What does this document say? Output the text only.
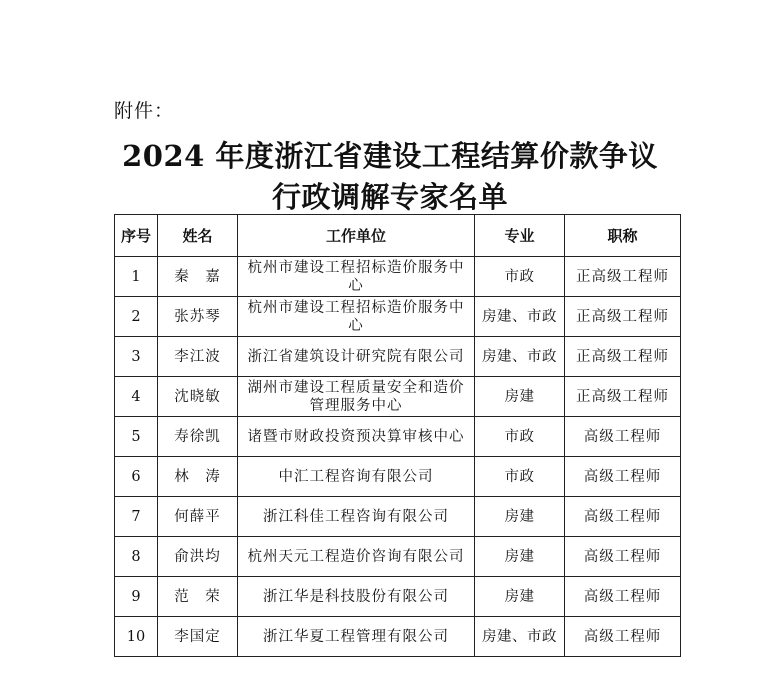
附件：
2024 年度浙江省建设工程结算价款争议
行政调解专家名单
序号	姓名	工作单位	专业	职称
1	秦　嘉	杭州市建设工程招标造价服务中心	市政	正高级工程师
2	张苏琴	杭州市建设工程招标造价服务中心	房建、市政	正高级工程师
3	李江波	浙江省建筑设计研究院有限公司	房建、市政	正高级工程师
4	沈晓敏	湖州市建设工程质量安全和造价管理服务中心	房建	正高级工程师
5	寿徐凯	诸暨市财政投资预决算审核中心	市政	高级工程师
6	林　涛	中汇工程咨询有限公司	市政	高级工程师
7	何薛平	浙江科佳工程咨询有限公司	房建	高级工程师
8	俞洪均	杭州天元工程造价咨询有限公司	房建	高级工程师
9	范　荣	浙江华是科技股份有限公司	房建	高级工程师
10	李国定	浙江华夏工程管理有限公司	房建、市政	高级工程师
